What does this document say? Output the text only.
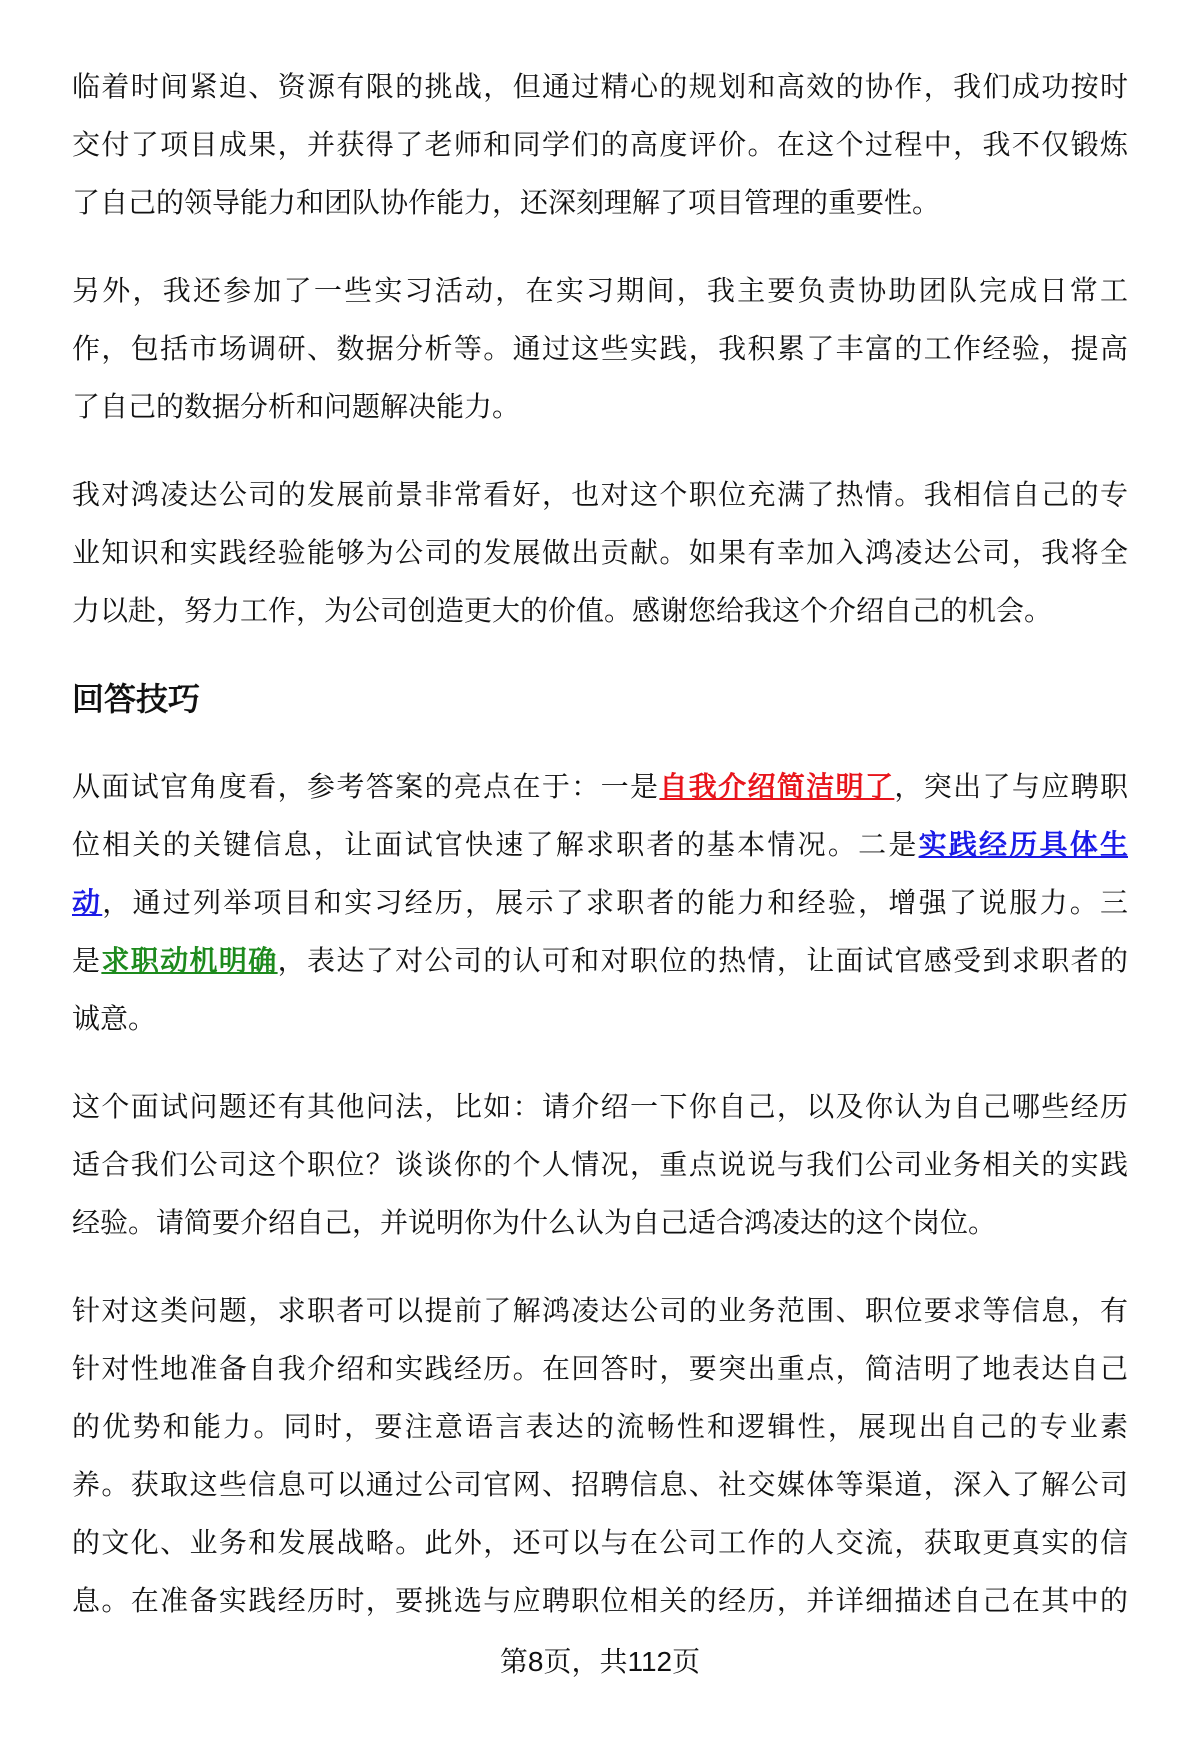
临着时间紧迫、资源有限的挑战，但通过精心的规划和高效的协作，我们成功按时
交付了项目成果，并获得了老师和同学们的高度评价。在这个过程中，我不仅锻炼
了自己的领导能力和团队协作能力，还深刻理解了项目管理的重要性。
另外，我还参加了一些实习活动，在实习期间，我主要负责协助团队完成日常工
作，包括市场调研、数据分析等。通过这些实践，我积累了丰富的工作经验，提高
了自己的数据分析和问题解决能力。
我对鸿凌达公司的发展前景非常看好，也对这个职位充满了热情。我相信自己的专
业知识和实践经验能够为公司的发展做出贡献。如果有幸加入鸿凌达公司，我将全
力以赴，努力工作，为公司创造更大的价值。感谢您给我这个介绍自己的机会。
回答技巧
从面试官角度看，参考答案的亮点在于：一是自我介绍简洁明了，突出了与应聘职
位相关的关键信息，让面试官快速了解求职者的基本情况。二是实践经历具体生
动，通过列举项目和实习经历，展示了求职者的能力和经验，增强了说服力。三
是求职动机明确，表达了对公司的认可和对职位的热情，让面试官感受到求职者的
诚意。
这个面试问题还有其他问法，比如：请介绍一下你自己，以及你认为自己哪些经历
适合我们公司这个职位？谈谈你的个人情况，重点说说与我们公司业务相关的实践
经验。请简要介绍自己，并说明你为什么认为自己适合鸿凌达的这个岗位。
针对这类问题，求职者可以提前了解鸿凌达公司的业务范围、职位要求等信息，有
针对性地准备自我介绍和实践经历。在回答时，要突出重点，简洁明了地表达自己
的优势和能力。同时，要注意语言表达的流畅性和逻辑性，展现出自己的专业素
养。获取这些信息可以通过公司官网、招聘信息、社交媒体等渠道，深入了解公司
的文化、业务和发展战略。此外，还可以与在公司工作的人交流，获取更真实的信
息。在准备实践经历时，要挑选与应聘职位相关的经历，并详细描述自己在其中的
第8页，共112页
